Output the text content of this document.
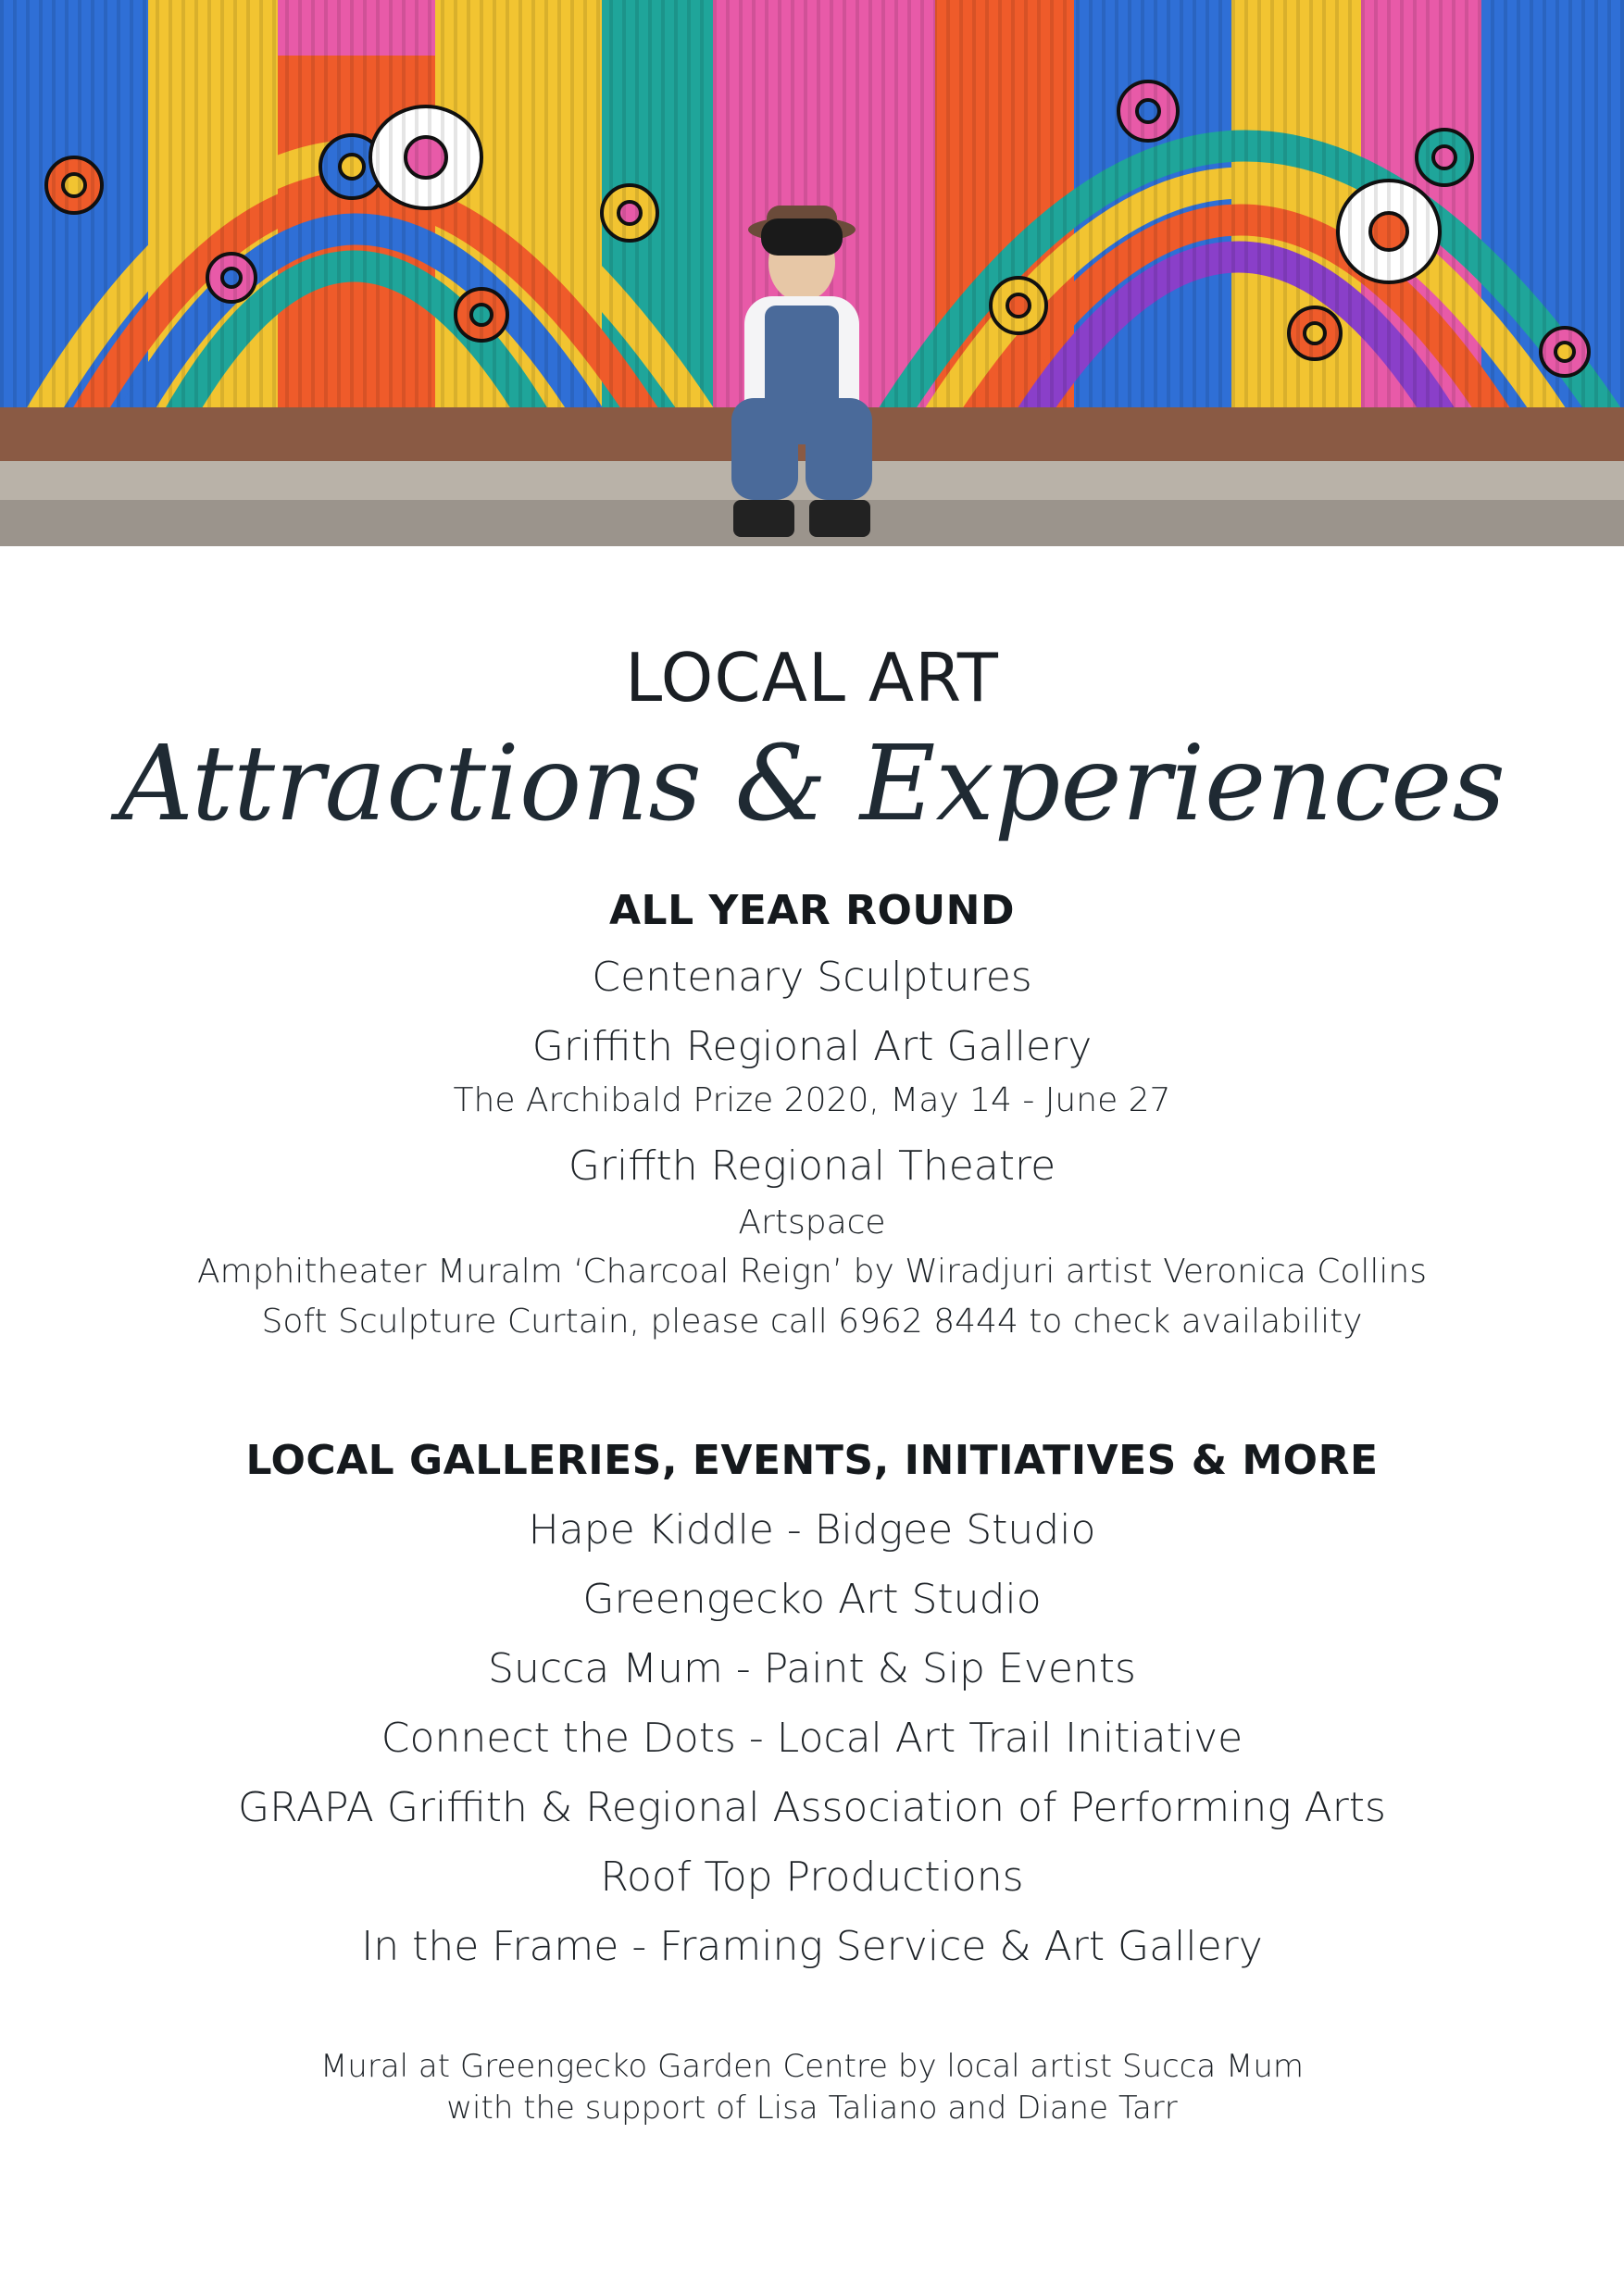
LOCAL ART
Attractions & Experiences
ALL YEAR ROUND
Centenary Sculptures
Griffith Regional Art Gallery
The Archibald Prize 2020, May 14 - June 27
Griffth Regional Theatre
Artspace
Amphitheater Muralm ‘Charcoal Reign’ by Wiradjuri artist Veronica Collins
Soft Sculpture Curtain, please call 6962 8444 to check availability
LOCAL GALLERIES, EVENTS, INITIATIVES & MORE
Hape Kiddle - Bidgee Studio
Greengecko Art Studio
Succa Mum - Paint & Sip Events
Connect the Dots - Local Art Trail Initiative
GRAPA Griffith & Regional Association of Performing Arts
Roof Top Productions
In the Frame - Framing Service & Art Gallery
Mural at Greengecko Garden Centre by local artist Succa Mum
with the support of Lisa Taliano and Diane Tarr
